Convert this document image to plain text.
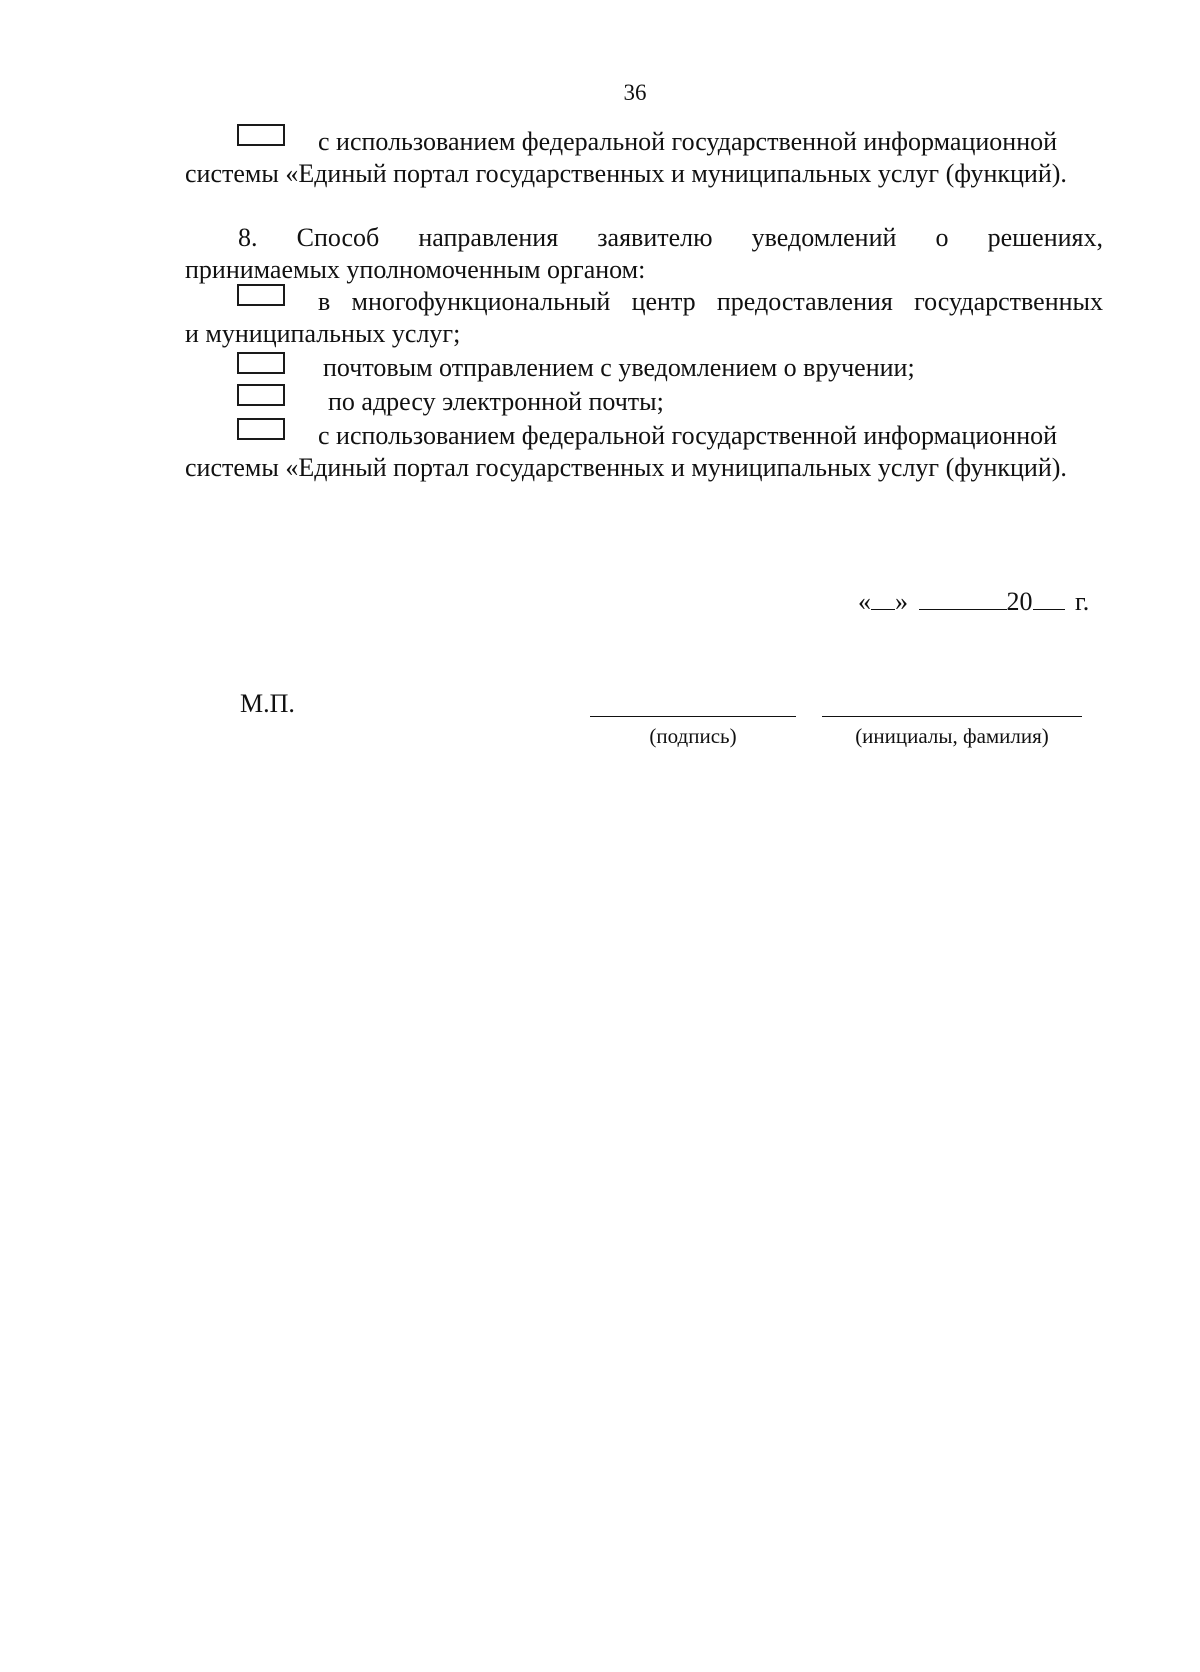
36
с использованием федеральной государственной информационной
системы «Единый портал государственных и муниципальных услуг (функций).
8. Способ направления заявителю уведомлений о решениях,
принимаемых уполномоченным органом:
в многофункциональный центр предоставления государственных
и муниципальных услуг;
почтовым отправлением с уведомлением о вручении;
по адресу электронной почты;
с использованием федеральной государственной информационной
системы «Единый портал государственных и муниципальных услуг (функций).
« »	20 г.
М.П.
(подпись)	(инициалы, фамилия)
